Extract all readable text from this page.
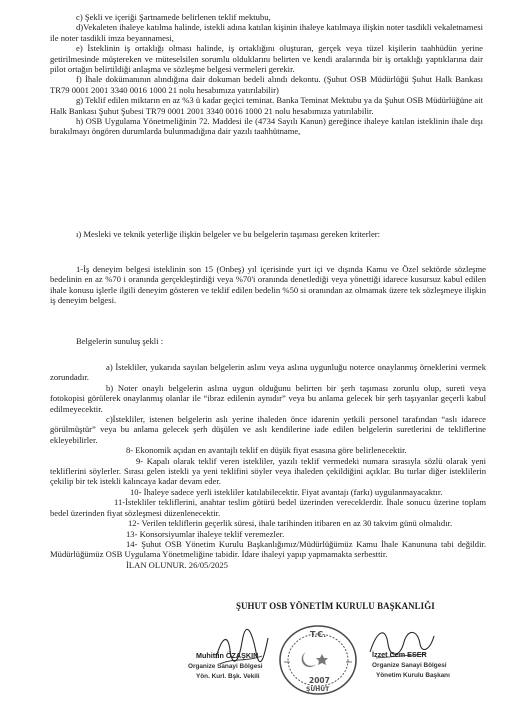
c) Şekli ve içeriği Şartnamede belirlenen teklif mektubu,

d)Vekaleten ihaleye katılma halinde, istekli adına katılan kişinin ihaleye katılmaya ilişkin noter tasdikli vekaletnamesi ile noter tasdikli imza beyannamesi,

e) İsteklinin iş ortaklığı olması halinde, iş ortaklığını oluşturan, gerçek veya tüzel kişilerin taahhüdün yerine getirilmesinde müştereken ve müteselsilen sorumlu olduklarını belirten ve kendi aralarında bir iş ortaklığı yaptıklarına dair pilot ortağın belirtildiği anlaşma ve sözleşme belgesi vermeleri gerekir.

f) İhale dokümanının alındığına dair dokuman bedeli alındı dekontu. (Şuhut OSB Müdürlüğü Şuhut Halk Bankası TR79 0001 2001 3340 0016 1000 21 nolu hesabımıza yatırılabilir)

g) Teklif edilen miktarın en az %3 ü kadar geçici teminat. Banka Teminat Mektubu ya da Şuhut OSB Müdürlüğüne ait Halk Bankası Şuhut Şubesi TR79 0001 2001 3340 0016 1000 21 nolu hesabımıza yatırılabilir.

h) OSB Uygulama Yönetmeliğinin 72. Maddesi ile (4734 Sayılı Kanun) gereğince ihaleye katılan isteklinin ihale dışı bırakılmayı öngören durumlarda bulunmadığına dair yazılı taahhütname,

ı) Mesleki ve teknik yeterliğe ilişkin belgeler ve bu belgelerin taşıması gereken kriterler:
1-İş deneyim belgesi isteklinin son 15 (Onbeş) yıl içerisinde yurt içi ve dışında Kamu ve Özel sektörde sözleşme bedelinin en az %70 i oranında gerçekleştirdiği veya %70'i oranında denetlediği veya yönettiği idarece kusursuz kabul edilen ihale konusu işlerle ilgili deneyim gösteren ve teklif edilen bedelin %50 si oranından az olmamak üzere tek sözleşmeye ilişkin iş deneyim belgesi.
Belgelerin sunuluş şekli :

a) İstekliler, yukarıda sayılan belgelerin aslını veya aslına uygunluğu noterce onaylanmış örneklerini vermek zorundadır.

b) Noter onaylı belgelerin aslına uygun olduğunu belirten bir şerh taşıması zorunlu olup, sureti veya fotokopisi görülerek onaylanmış olanlar ile “ibraz edilenin aynıdır” veya bu anlama gelecek bir şerh taşıyanlar geçerli kabul edilmeyecektir.

c)İstekliler, istenen belgelerin aslı yerine ihaleden önce idarenin yetkili personel tarafından “aslı idarece görülmüştür” veya bu anlama gelecek şerh düşülen ve aslı kendilerine iade edilen belgelerin suretlerini de tekliflerine ekleyebilirler.

8- Ekonomik açıdan en avantajlı teklif en düşük fiyat esasına göre belirlenecektir.

9- Kapalı olarak teklif veren istekliler, yazılı teklif vermedeki numara sırasıyla sözlü olarak yeni tekliflerini söylerler. Sırası gelen istekli ya yeni teklifini söyler veya ihaleden çekildiğini açıklar. Bu turlar diğer isteklilerin çekilip bir tek istekli kalıncaya kadar devam eder.

10- İhaleye sadece yerli istekliler katılabilecektir. Fiyat avantajı (farkı) uygulanmayacaktır.

11-İstekliler tekliflerini, anahtar teslim götürü bedel üzerinden vereceklerdir. İhale sonucu üzerine toplam bedel üzerinden fiyat sözleşmesi düzenlenecektir.

12- Verilen tekliflerin geçerlik süresi, ihale tarihinden itibaren en az 30 takvim günü olmalıdır.

13- Konsorsiyumlar ihaleye teklif veremezler.

14- Şuhut OSB Yönetim Kurulu Başkanlığımız/Müdürlüğümüz Kamu İhale Kanununa tabi değildir. Müdürlüğümüz OSB Uygulama Yönetmeliğine tabidir. İdare ihaleyi yapıp yapmamakta serbesttir.

İLAN OLUNUR. 26/05/2025

ŞUHUT OSB YÖNETİM KURULU BAŞKANLIĞI
Muhittin ÖZAŞKIN
Organize Sanayi Bölgesi
Yön. Kurl. Bşk. Vekili
T.C.
2007
ŞUHUT
İzzet Cem ESER
Organize Sanayi Bölgesi
Yönetim Kurulu Başkanı
